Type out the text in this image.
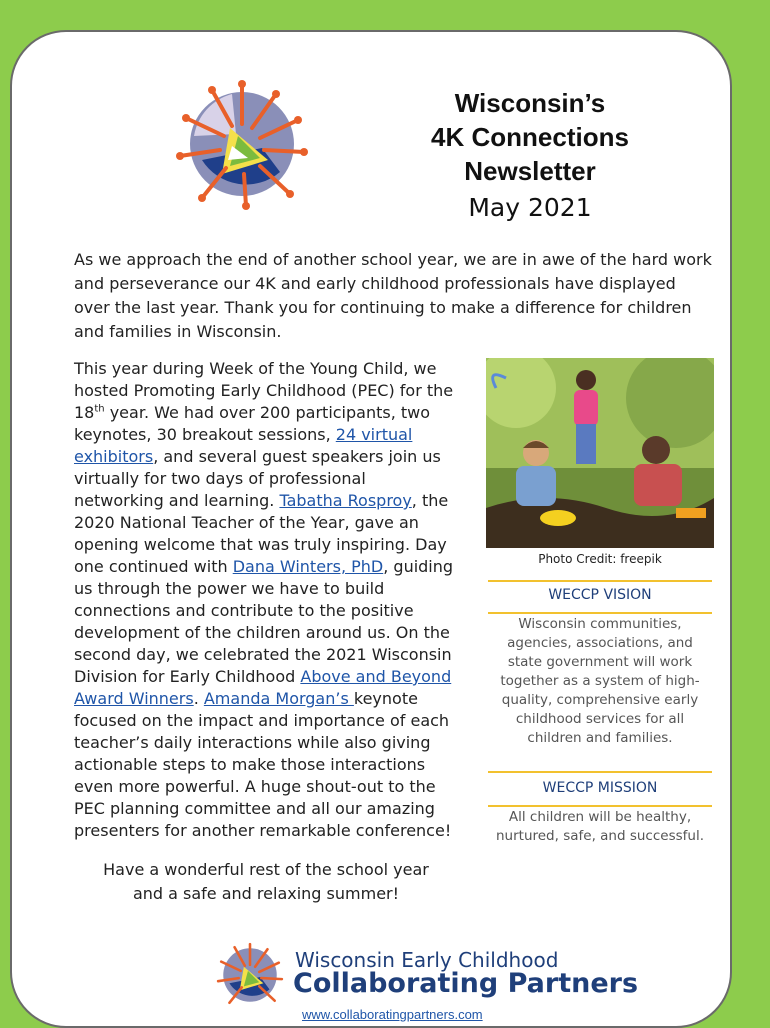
Wisconsin’s
4K Connections
Newsletter
May 2021
As we approach the end of another school year, we are in awe of the hard work and perseverance our 4K and early childhood professionals have displayed over the last year. Thank you for continuing to make a difference for children and families in Wisconsin.
This year during Week of the Young Child, we hosted Promoting Early Childhood (PEC) for the 18th year. We had over 200 participants, two keynotes, 30 breakout sessions, 24 virtual exhibitors, and several guest speakers join us virtually for two days of professional networking and learning. Tabatha Rosproy, the 2020 National Teacher of the Year, gave an opening welcome that was truly inspiring. Day one continued with Dana Winters, PhD, guiding us through the power we have to build connections and contribute to the positive development of the children around us. On the second day, we celebrated the 2021 Wisconsin Division for Early Childhood Above and Beyond Award Winners. Amanda Morgan’s keynote focused on the impact and importance of each teacher’s daily interactions while also giving actionable steps to make those interactions even more powerful. A huge shout-out to the PEC planning committee and all our amazing presenters for another remarkable conference!
Have a wonderful rest of the school year
and a safe and relaxing summer!
Photo Credit: freepik
WECCP VISION
Wisconsin communities, agencies, associations, and state government will work together as a system of high-quality, comprehensive early childhood services for all children and families.
WECCP MISSION
All children will be healthy, nurtured, safe, and successful.
Wisconsin Early Childhood
Collaborating Partners
www.collaboratingpartners.com
